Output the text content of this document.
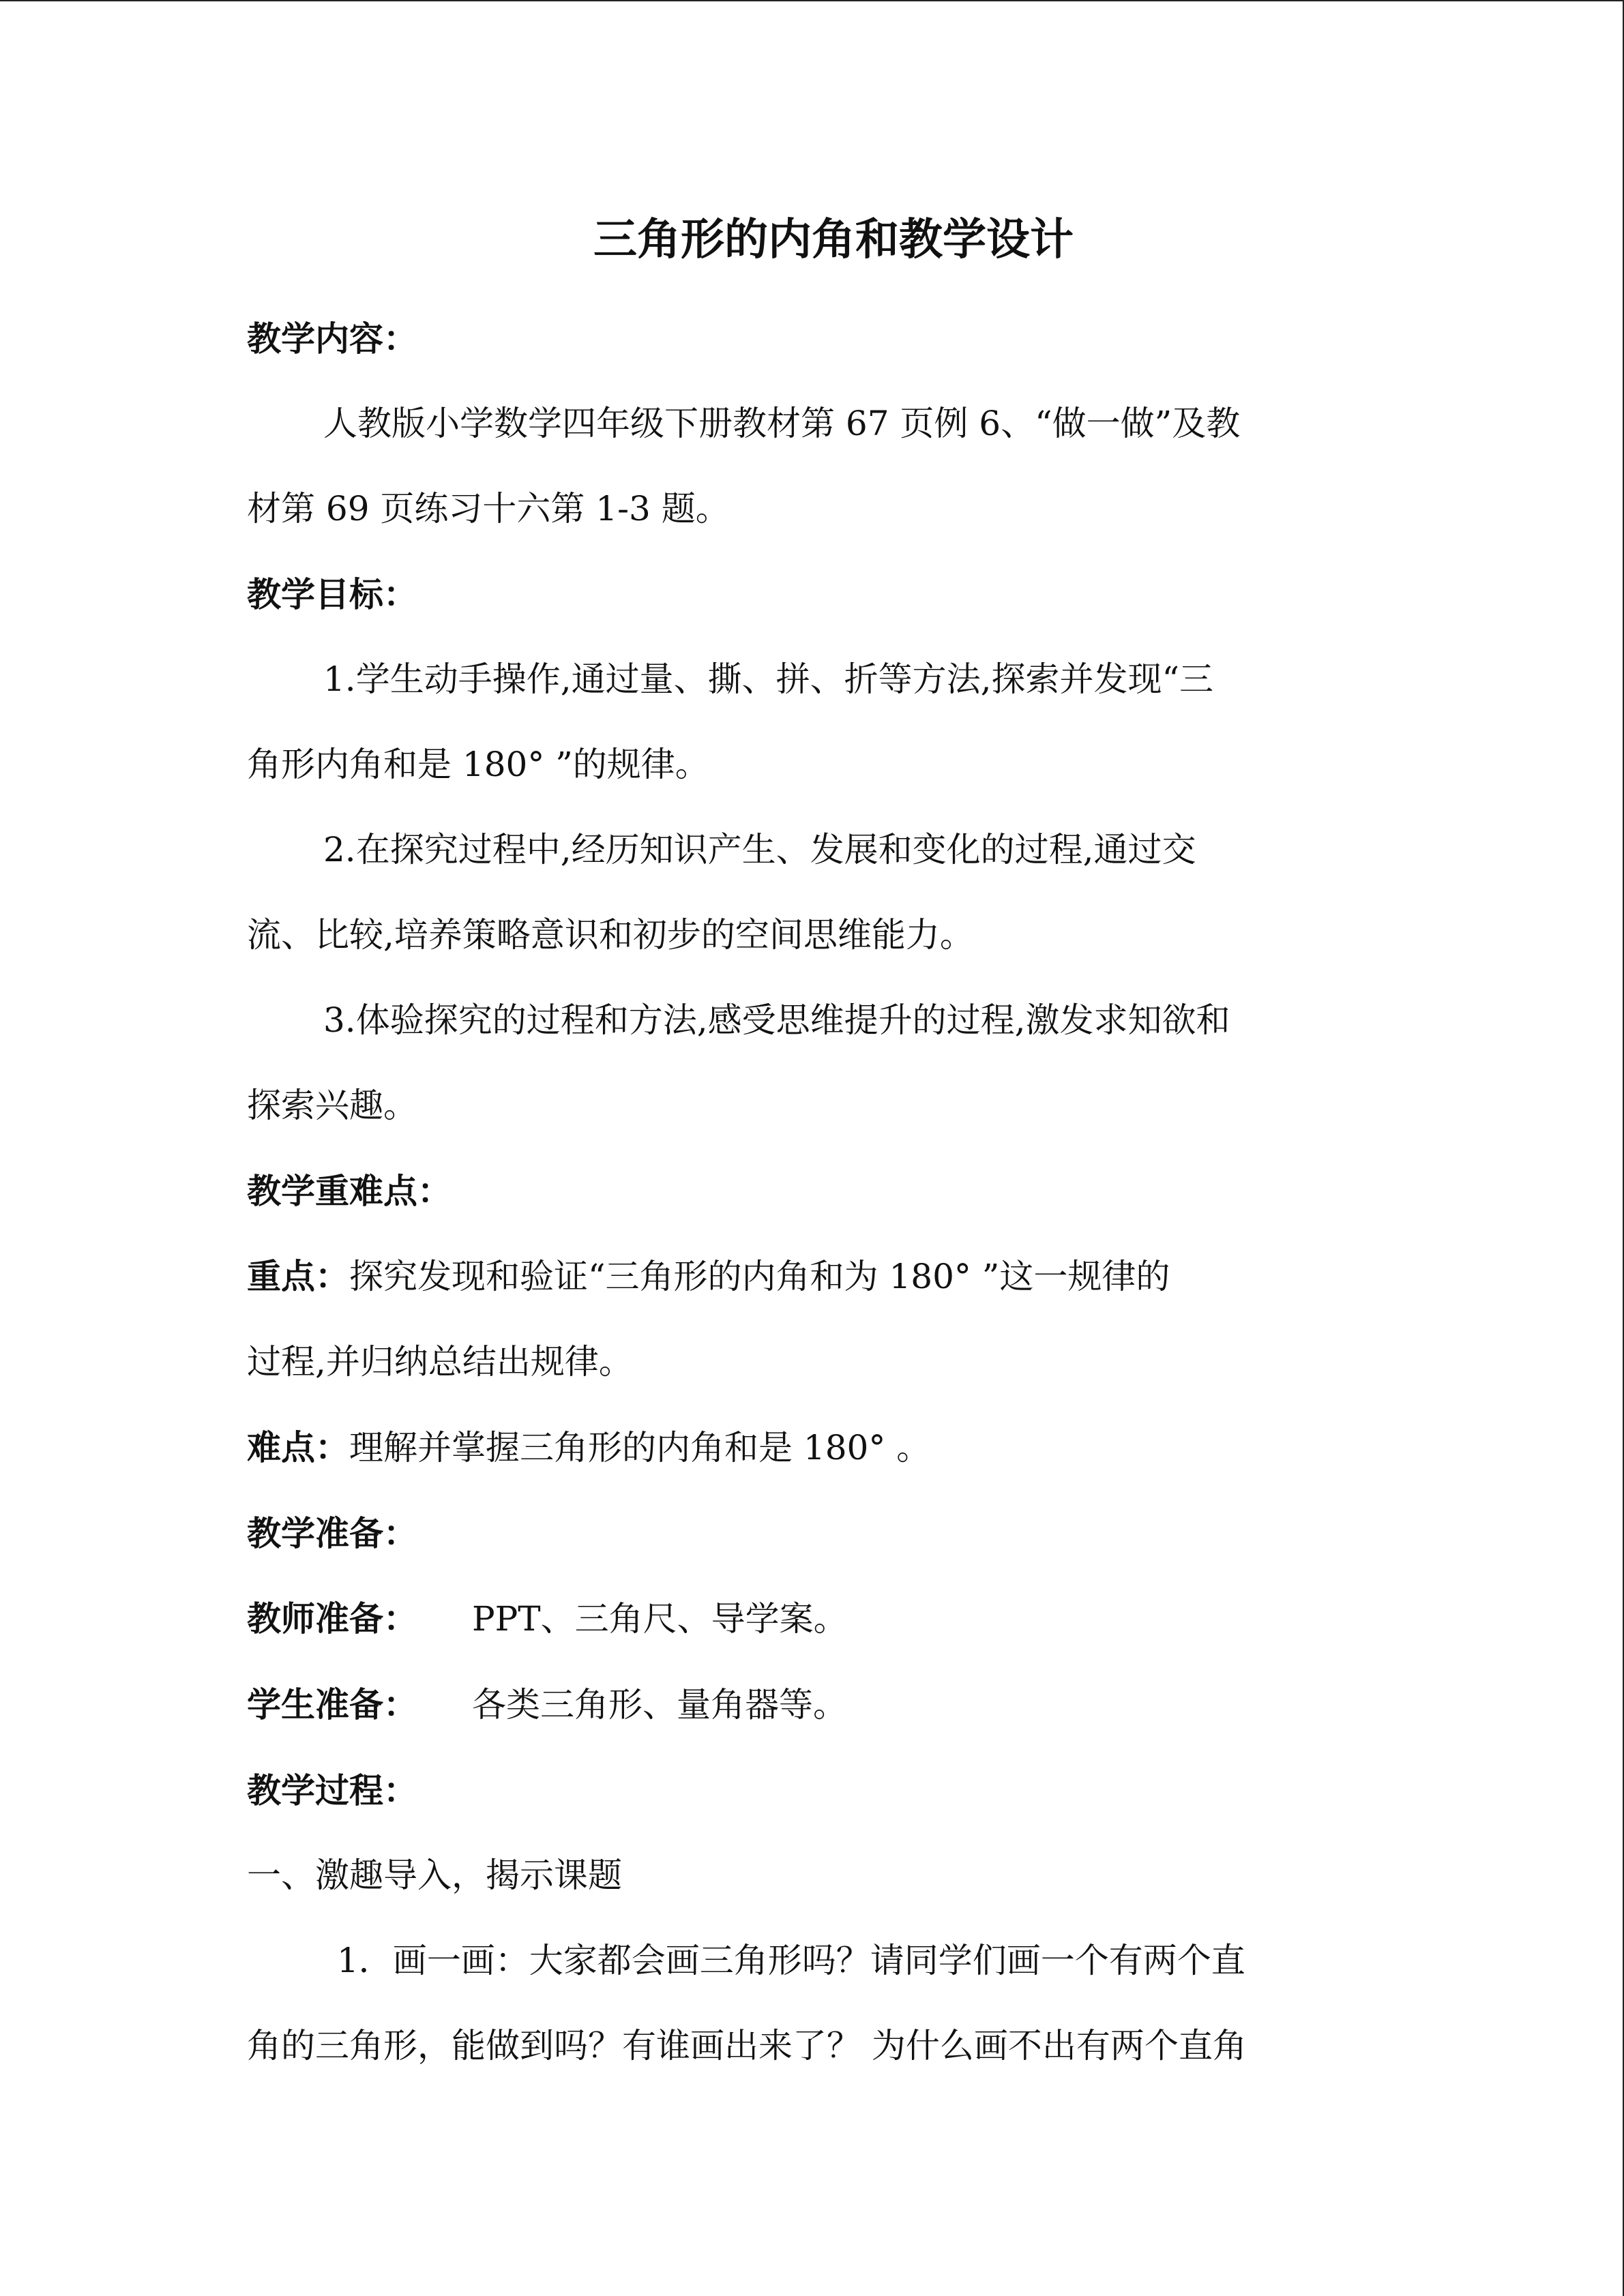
三角形的内角和教学设计

教学内容：

人教版小学数学四年级下册教材第 67 页例 6、“做一做”及教

材第 69 页练习十六第 1-3 题。

教学目标：

1.学生动手操作,通过量、撕、拼、折等方法,探索并发现“三

角形内角和是 180° ”的规律。

2.在探究过程中,经历知识产生、发展和变化的过程,通过交

流、比较,培养策略意识和初步的空间思维能力。

3.体验探究的过程和方法,感受思维提升的过程,激发求知欲和

探索兴趣。

教学重难点：

重点：探究发现和验证“三角形的内角和为 180° ”这一规律的

过程,并归纳总结出规律。

难点：理解并掌握三角形的内角和是 180° 。

教学准备：

教师准备： PPT、三角尺、导学案。

学生准备： 各类三角形、量角器等。

教学过程：

一、激趣导入，揭示课题

1．画一画：大家都会画三角形吗？请同学们画一个有两个直

角的三角形，能做到吗？有谁画出来了？ 为什么画不出有两个直角
